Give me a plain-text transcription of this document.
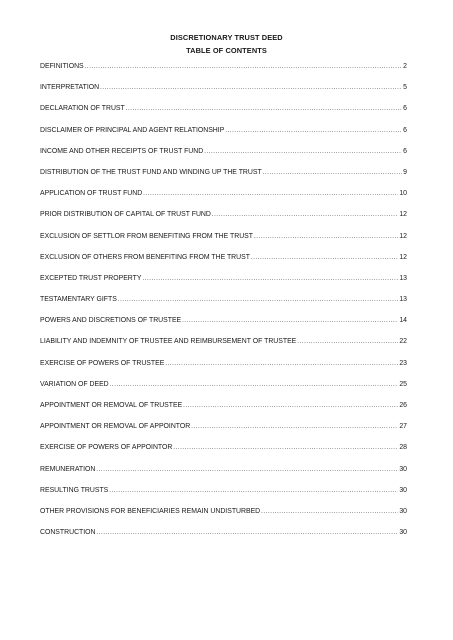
DISCRETIONARY TRUST DEED
TABLE OF CONTENTS
DEFINITIONS .....	2
INTERPRETATION .....	5
DECLARATION OF TRUST .....	6
DISCLAIMER OF PRINCIPAL AND AGENT RELATIONSHIP .....	6
INCOME AND OTHER RECEIPTS OF TRUST FUND .....	6
DISTRIBUTION OF THE TRUST FUND AND WINDING UP THE TRUST .....	9
APPLICATION OF TRUST FUND .....	10
PRIOR DISTRIBUTION OF CAPITAL OF TRUST FUND .....	12
EXCLUSION OF SETTLOR FROM BENEFITING FROM THE TRUST .....	12
EXCLUSION OF OTHERS FROM BENEFITING FROM THE TRUST .....	12
EXCEPTED TRUST PROPERTY .....	13
TESTAMENTARY GIFTS .....	13
POWERS AND DISCRETIONS OF TRUSTEE .....	14
LIABILITY AND INDEMNITY OF TRUSTEE AND REIMBURSEMENT OF TRUSTEE .....	22
EXERCISE OF POWERS OF TRUSTEE .....	23
VARIATION OF DEED .....	25
APPOINTMENT OR REMOVAL OF TRUSTEE .....	26
APPOINTMENT OR REMOVAL OF APPOINTOR .....	27
EXERCISE OF POWERS OF APPOINTOR .....	28
REMUNERATION .....	30
RESULTING TRUSTS .....	30
OTHER PROVISIONS FOR BENEFICIARIES REMAIN UNDISTURBED .....	30
CONSTRUCTION .....	30
